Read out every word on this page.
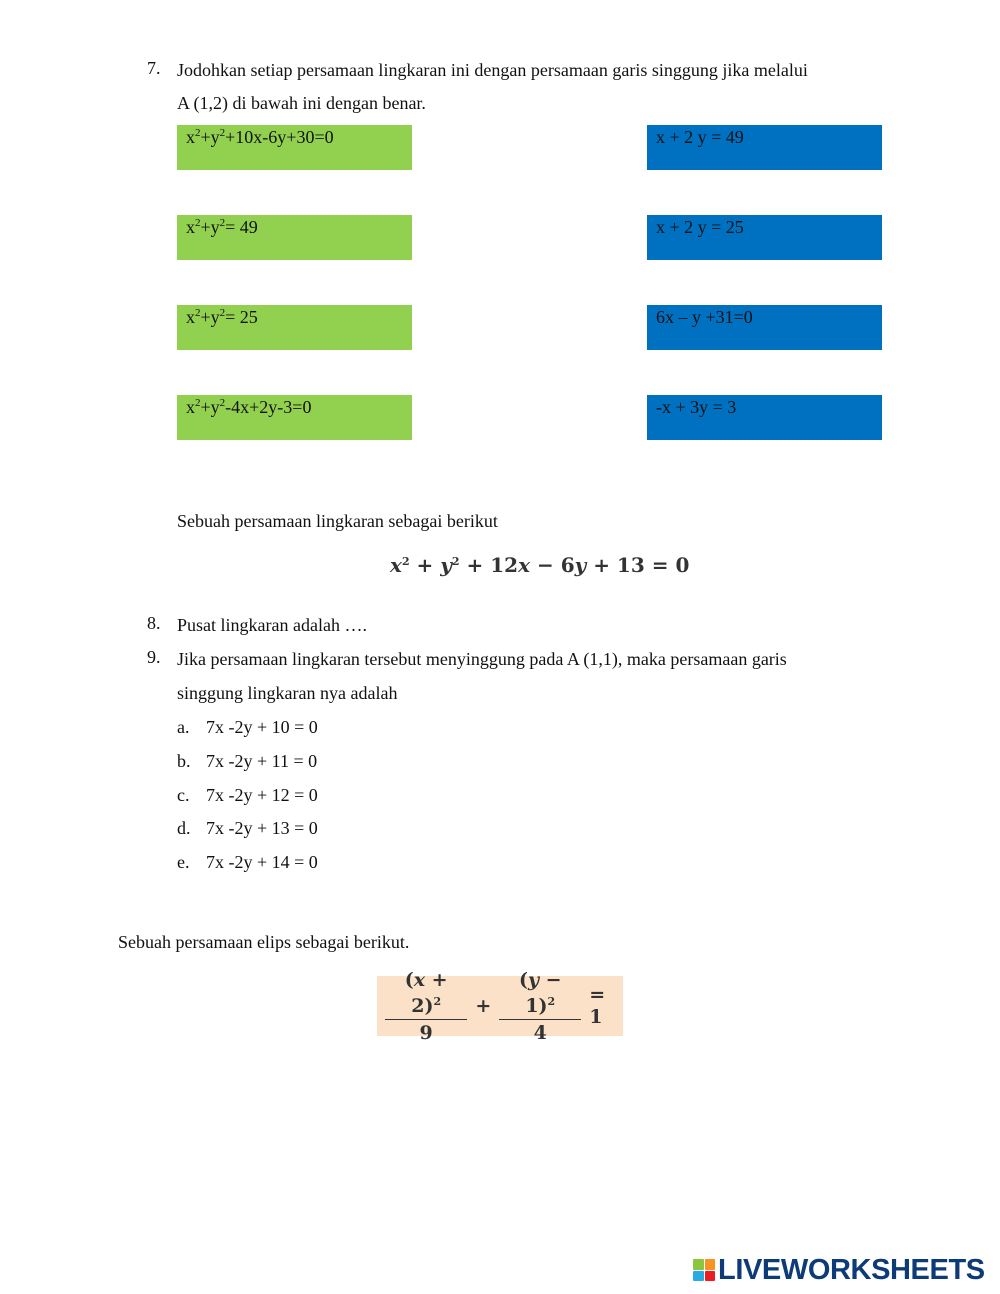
7. Jodohkan setiap persamaan lingkaran ini dengan persamaan garis singgung jika melalui
A (1,2) di bawah ini dengan benar.
$x^2+y^2+10x-6y+30=0$
$x^2+y^2= 49$
$x^2+y^2= 25$
$x^2+y^2-4x+2y-3=0$
x + 2 y = 49
x + 2 y = 25
6x – y +31=0
-x + 3y = 3
Sebuah persamaan lingkaran sebagai berikut
$x^2 + y^2 + 12x - 6y + 13 = 0$
8. Pusat lingkaran adalah ….
9. Jika persamaan lingkaran tersebut menyinggung pada A (1,1), maka persamaan garis
singgung lingkaran nya adalah
a. 7x -2y + 10 = 0
b. 7x -2y + 11 = 0
c. 7x -2y + 12 = 0
d. 7x -2y + 13 = 0
e. 7x -2y + 14 = 0
Sebuah persamaan elips sebagai berikut.
$\frac{(x + 2)^2}{9} + \frac{(y - 1)^2}{4} = 1$
LIVEWORKSHEETS
